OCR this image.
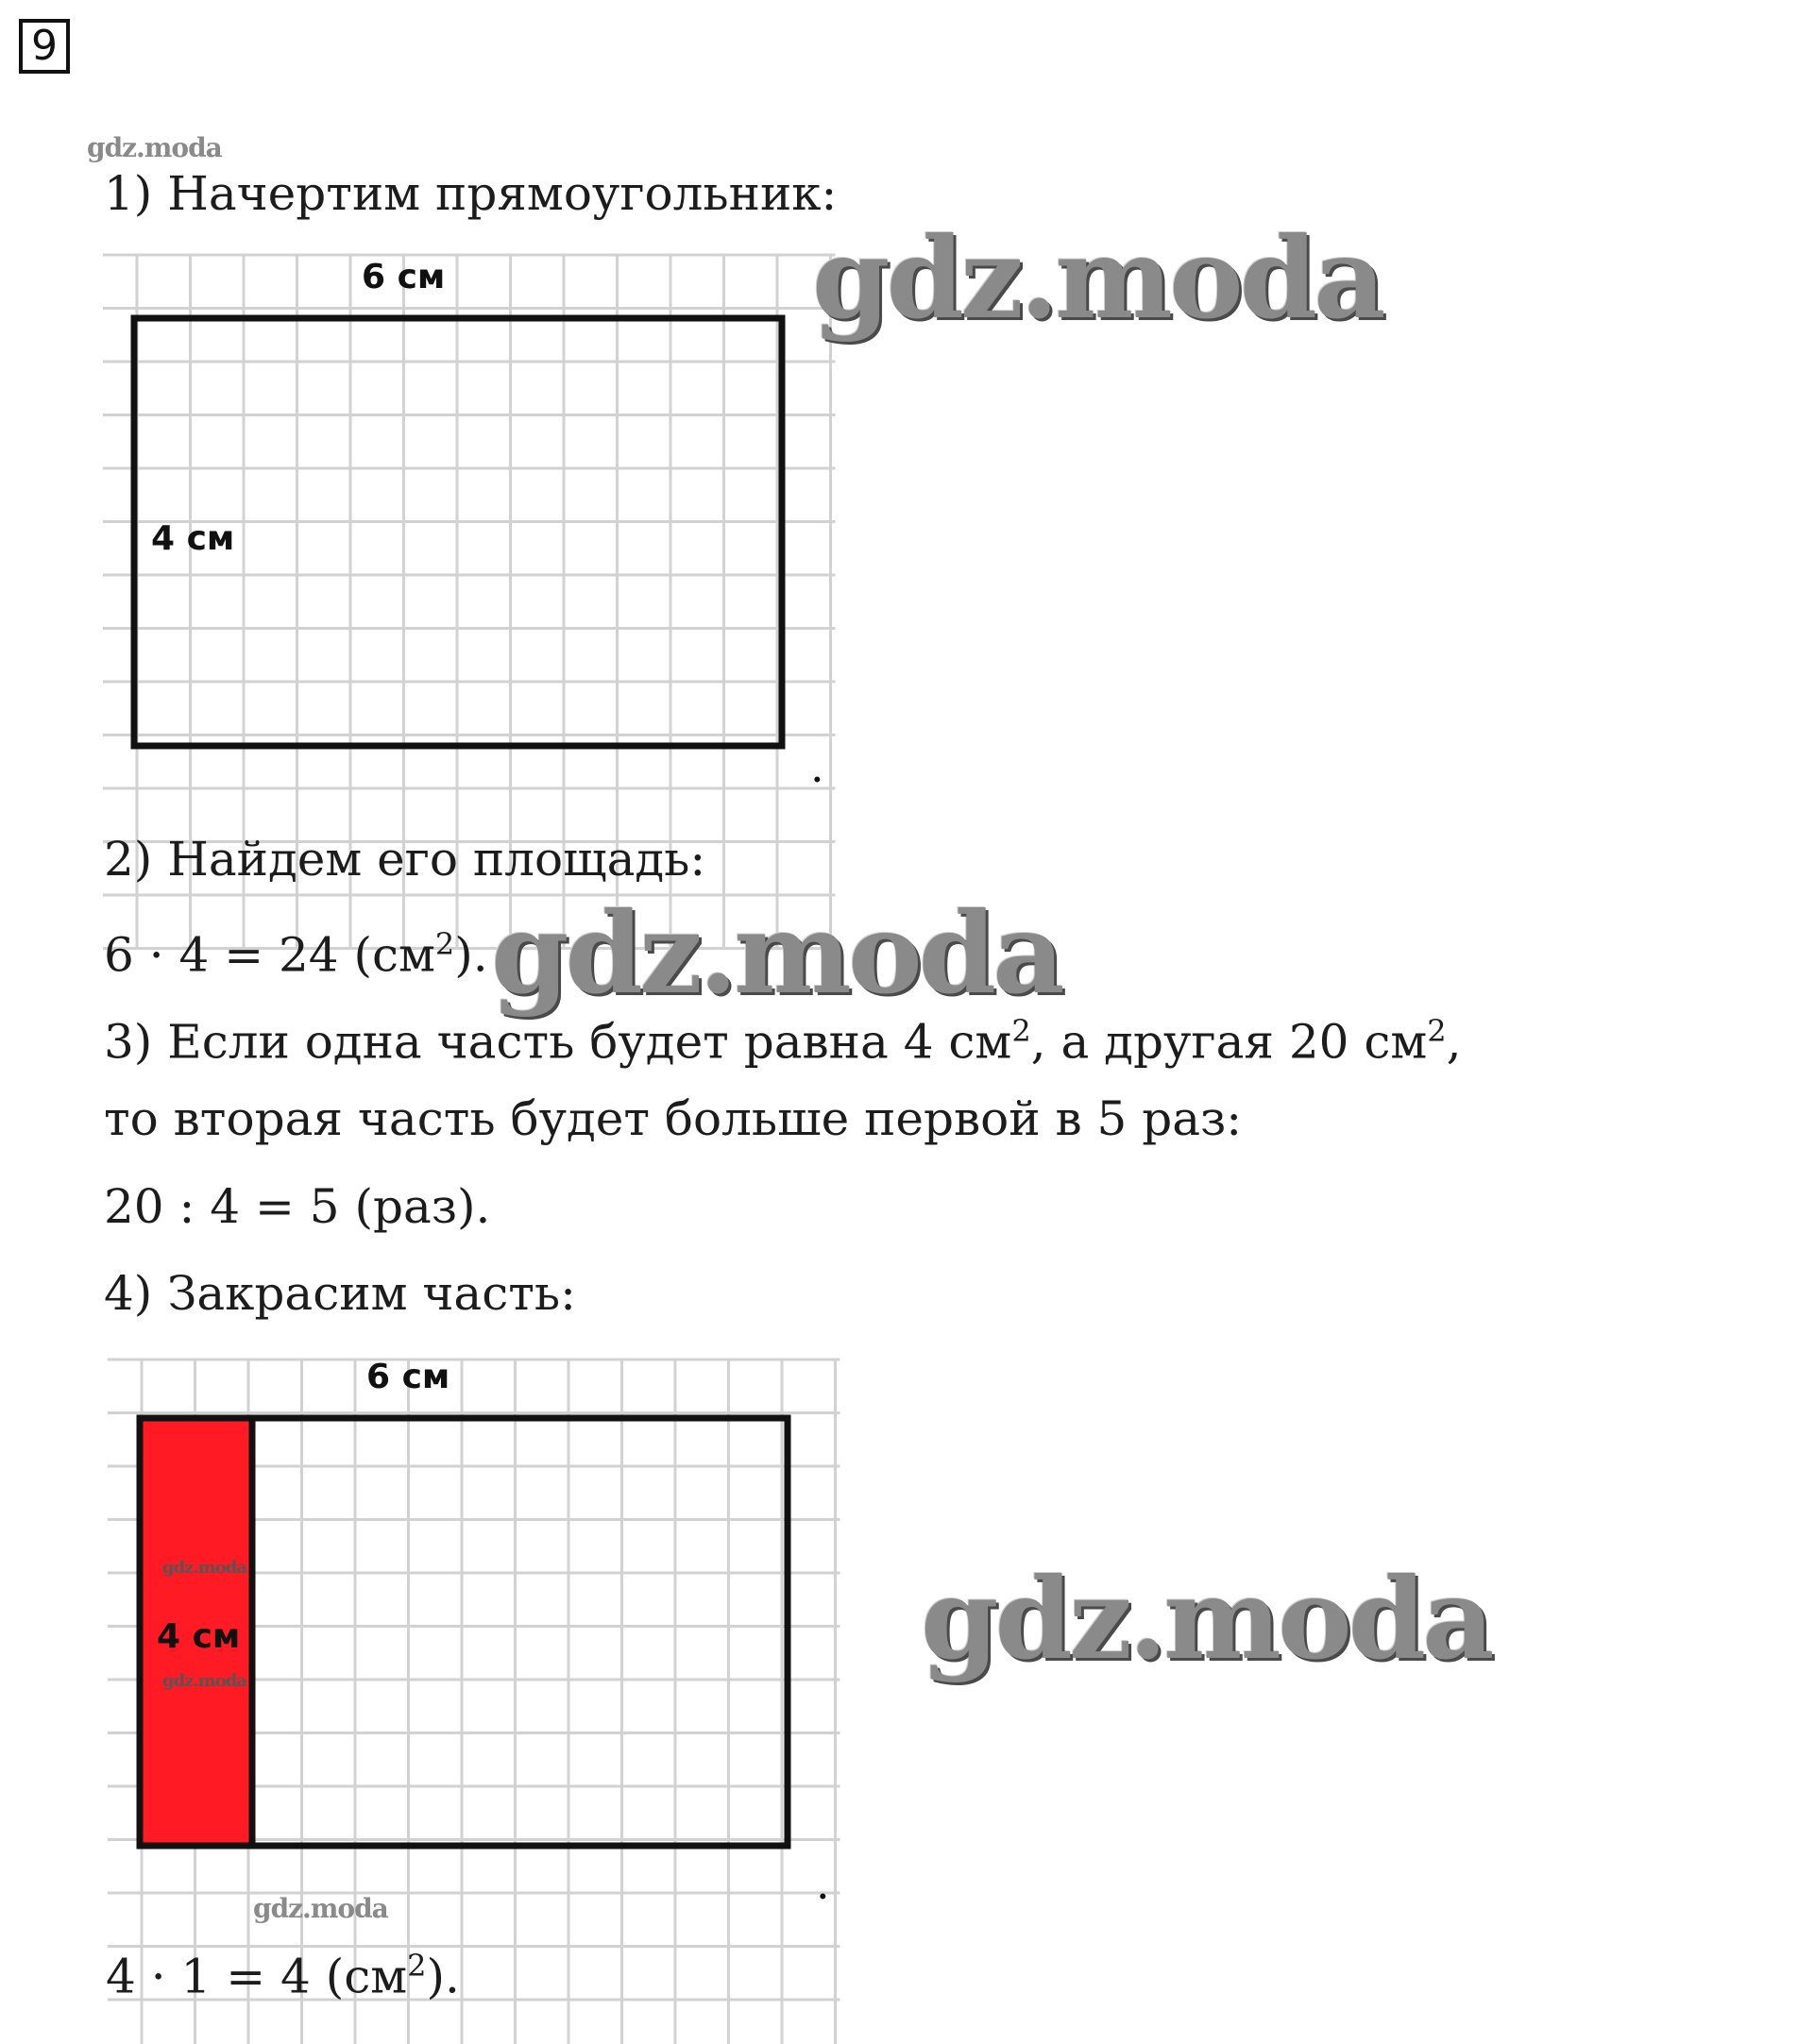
9
gdz.moda
1) Начертим прямоугольник:
6 см
4 см
6 см
4 см
.
.
gdz.moda
2) Найдем его площадь:
6 · 4 = 24 $(см^2)$. gdz.moda
3) Если одна часть будет равна 4 $см^2$, а другая 20 $см^2$,
то вторая часть будет больше первой в 5 раз:
20 : 4 = 5 (раз).
4) Закрасим часть:
gdz.moda
gdz.moda	gdz.moda
gdz.moda
4 · 1 = 4 $(см^2)$.
